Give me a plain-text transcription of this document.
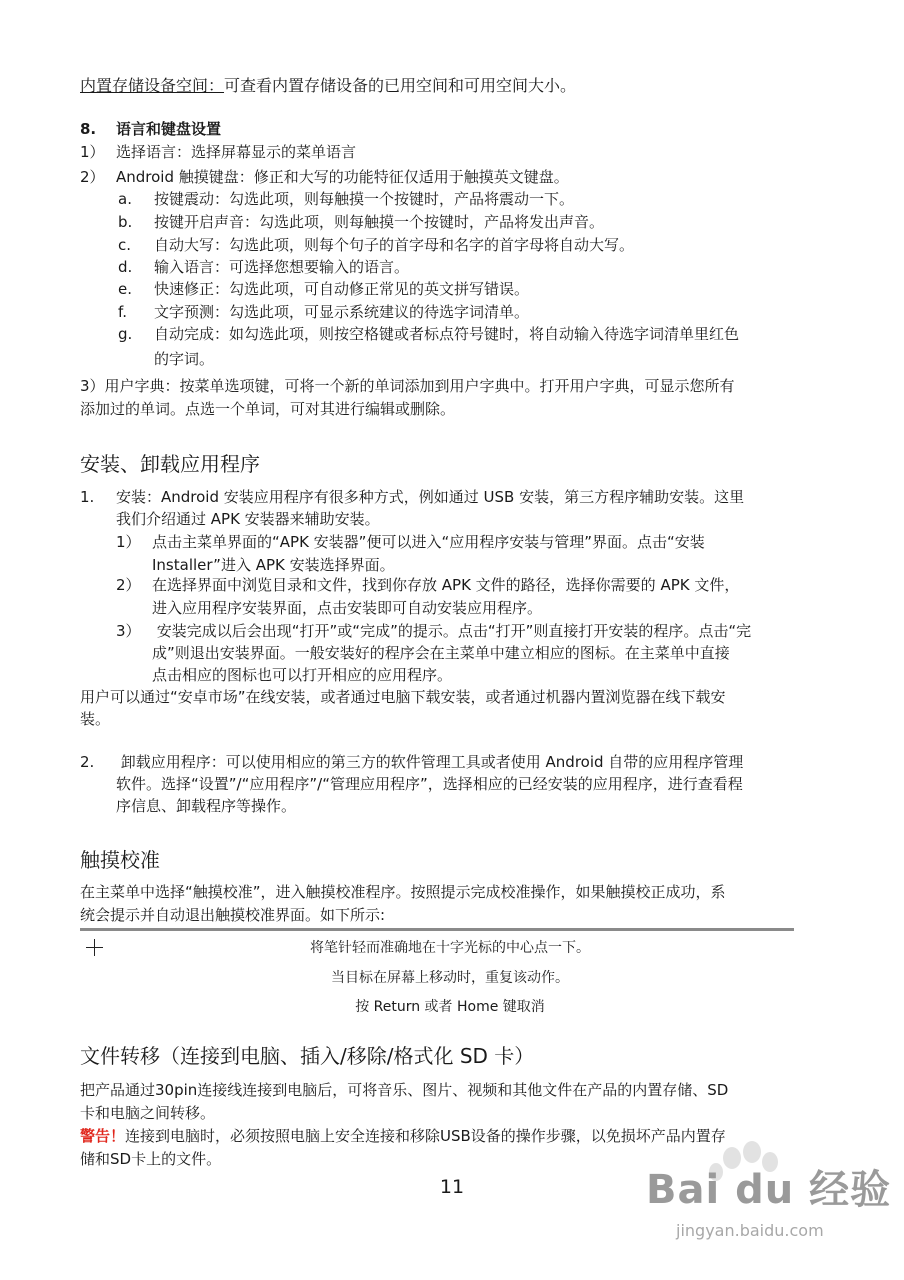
内置存储设备空间：可查看内置存储设备的已用空间和可用空间大小。
8. 语言和键盘设置
1） 选择语言：选择屏幕显示的菜单语言
2） Android 触摸键盘：修正和大写的功能特征仅适用于触摸英文键盘。
a. 按键震动：勾选此项，则每触摸一个按键时，产品将震动一下。
b. 按键开启声音：勾选此项，则每触摸一个按键时，产品将发出声音。
c. 自动大写：勾选此项，则每个句子的首字母和名字的首字母将自动大写。
d. 输入语言：可选择您想要输入的语言。
e. 快速修正：勾选此项，可自动修正常见的英文拼写错误。
f. 文字预测：勾选此项，可显示系统建议的待选字词清单。
g. 自动完成：如勾选此项，则按空格键或者标点符号键时，将自动输入待选字词清单里红色
的字词。
3）用户字典：按菜单选项键，可将一个新的单词添加到用户字典中。打开用户字典，可显示您所有
添加过的单词。点选一个单词，可对其进行编辑或删除。
安装、卸载应用程序
1. 安装：Android 安装应用程序有很多种方式，例如通过 USB 安装，第三方程序辅助安装。这里
我们介绍通过 APK 安装器来辅助安装。
1） 点击主菜单界面的“APK 安装器”便可以进入“应用程序安装与管理”界面。点击“安装
Installer”进入 APK 安装选择界面。
2） 在选择界面中浏览目录和文件，找到你存放 APK 文件的路径，选择你需要的 APK 文件，
进入应用程序安装界面，点击安装即可自动安装应用程序。
3） 安装完成以后会出现“打开”或“完成”的提示。点击“打开”则直接打开安装的程序。点击“完
成”则退出安装界面。一般安装好的程序会在主菜单中建立相应的图标。在主菜单中直接
点击相应的图标也可以打开相应的应用程序。
用户可以通过“安卓市场”在线安装，或者通过电脑下载安装，或者通过机器内置浏览器在线下载安
装。
2. 卸载应用程序：可以使用相应的第三方的软件管理工具或者使用 Android 自带的应用程序管理
软件。选择“设置”/“应用程序”/“管理应用程序”，选择相应的已经安装的应用程序，进行查看程
序信息、卸载程序等操作。
触摸校准
在主菜单中选择“触摸校准”，进入触摸校准程序。按照提示完成校准操作，如果触摸校正成功，系
统会提示并自动退出触摸校准界面。如下所示:
将笔针轻而准确地在十字光标的中心点一下。
当目标在屏幕上移动时，重复该动作。
按 Return 或者 Home 键取消
文件转移（连接到电脑、插入/移除/格式化 SD 卡）
把产品通过30pin连接线连接到电脑后，可将音乐、图片、视频和其他文件在产品的内置存储、SD
卡和电脑之间转移。
警告！连接到电脑时，必须按照电脑上安全连接和移除USB设备的操作步骤，以免损坏产品内置存
储和SD卡上的文件。
11	Bai du 经验
jingyan.baidu.com
